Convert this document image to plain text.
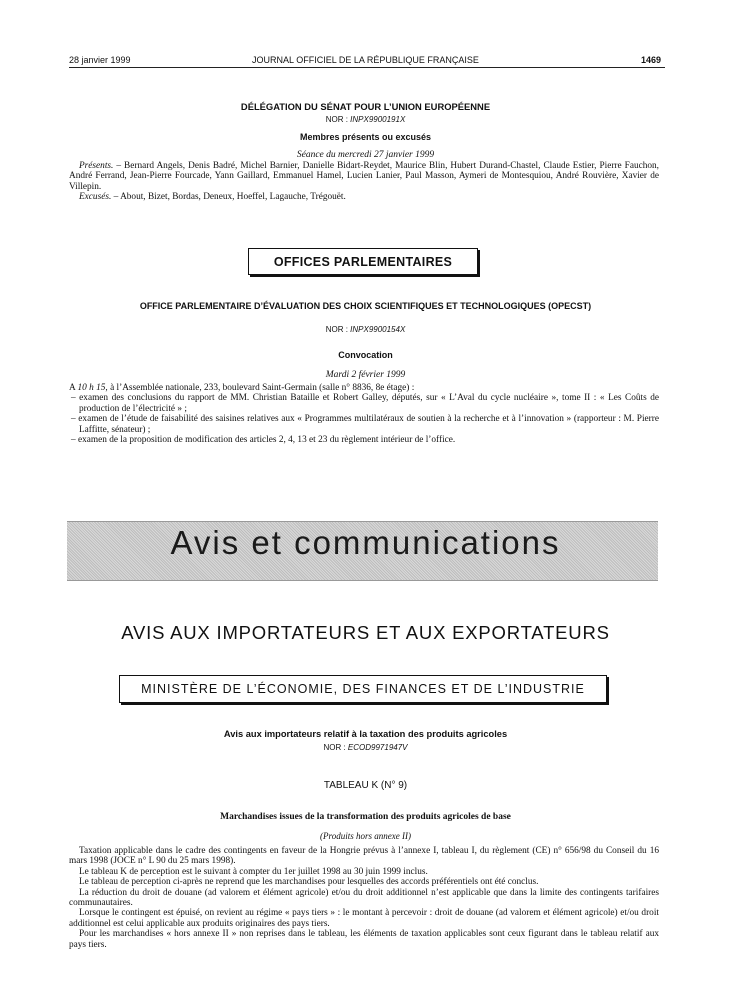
28 janvier 1999	JOURNAL OFFICIEL DE LA RÉPUBLIQUE FRANÇAISE	1469
DÉLÉGATION DU SÉNAT POUR L’UNION EUROPÉENNE
NOR : INPX9900191X
Membres présents ou excusés
Séance du mercredi 27 janvier 1999

Présents. – Bernard Angels, Denis Badré, Michel Barnier, Danielle Bidart-Reydet, Maurice Blin, Hubert Durand-Chastel, Claude Estier, Pierre Fauchon, André Ferrand, Jean-Pierre Fourcade, Yann Gaillard, Emmanuel Hamel, Lucien Lanier, Paul Masson, Aymeri de Montesquiou, André Rouvière, Xavier de Villepin.

Excusés. – About, Bizet, Bordas, Deneux, Hoeffel, Lagauche, Trégouët.

OFFICES PARLEMENTAIRES
OFFICE PARLEMENTAIRE D’ÉVALUATION DES CHOIX SCIENTIFIQUES ET TECHNOLOGIQUES (OPECST)
NOR : INPX9900154X
Convocation
Mardi 2 février 1999

A 10 h 15, à l’Assemblée nationale, 233, boulevard Saint-Germain (salle n° 8836, 8e étage) :

– examen des conclusions du rapport de MM. Christian Bataille et Robert Galley, députés, sur « L’Aval du cycle nucléaire », tome II : « Les Coûts de production de l’électricité » ;

– examen de l’étude de faisabilité des saisines relatives aux « Programmes multilatéraux de soutien à la recherche et à l’innovation » (rapporteur : M. Pierre Laffitte, sénateur) ;

– examen de la proposition de modification des articles 2, 4, 13 et 23 du règlement intérieur de l’office.

Avis et communications
AVIS AUX IMPORTATEURS ET AUX EXPORTATEURS
MINISTÈRE DE L’ÉCONOMIE, DES FINANCES ET DE L’INDUSTRIE
Avis aux importateurs relatif à la taxation des produits agricoles
NOR : ECOD9971947V
TABLEAU K (N° 9)
Marchandises issues de la transformation des produits agricoles de base
(Produits hors annexe II)

Taxation applicable dans le cadre des contingents en faveur de la Hongrie prévus à l’annexe I, tableau I, du règlement (CE) n° 656/98 du Conseil du 16 mars 1998 (JOCE n° L 90 du 25 mars 1998).

Le tableau K de perception est le suivant à compter du 1er juillet 1998 au 30 juin 1999 inclus.

Le tableau de perception ci-après ne reprend que les marchandises pour lesquelles des accords préférentiels ont été conclus.

La réduction du droit de douane (ad valorem et élément agricole) et/ou du droit additionnel n’est applicable que dans la limite des contingents tarifaires communautaires.

Lorsque le contingent est épuisé, on revient au régime « pays tiers » : le montant à percevoir : droit de douane (ad valorem et élément agricole) et/ou droit additionnel est celui applicable aux produits originaires des pays tiers.

Pour les marchandises « hors annexe II » non reprises dans le tableau, les éléments de taxation applicables sont ceux figurant dans le tableau relatif aux pays tiers.
